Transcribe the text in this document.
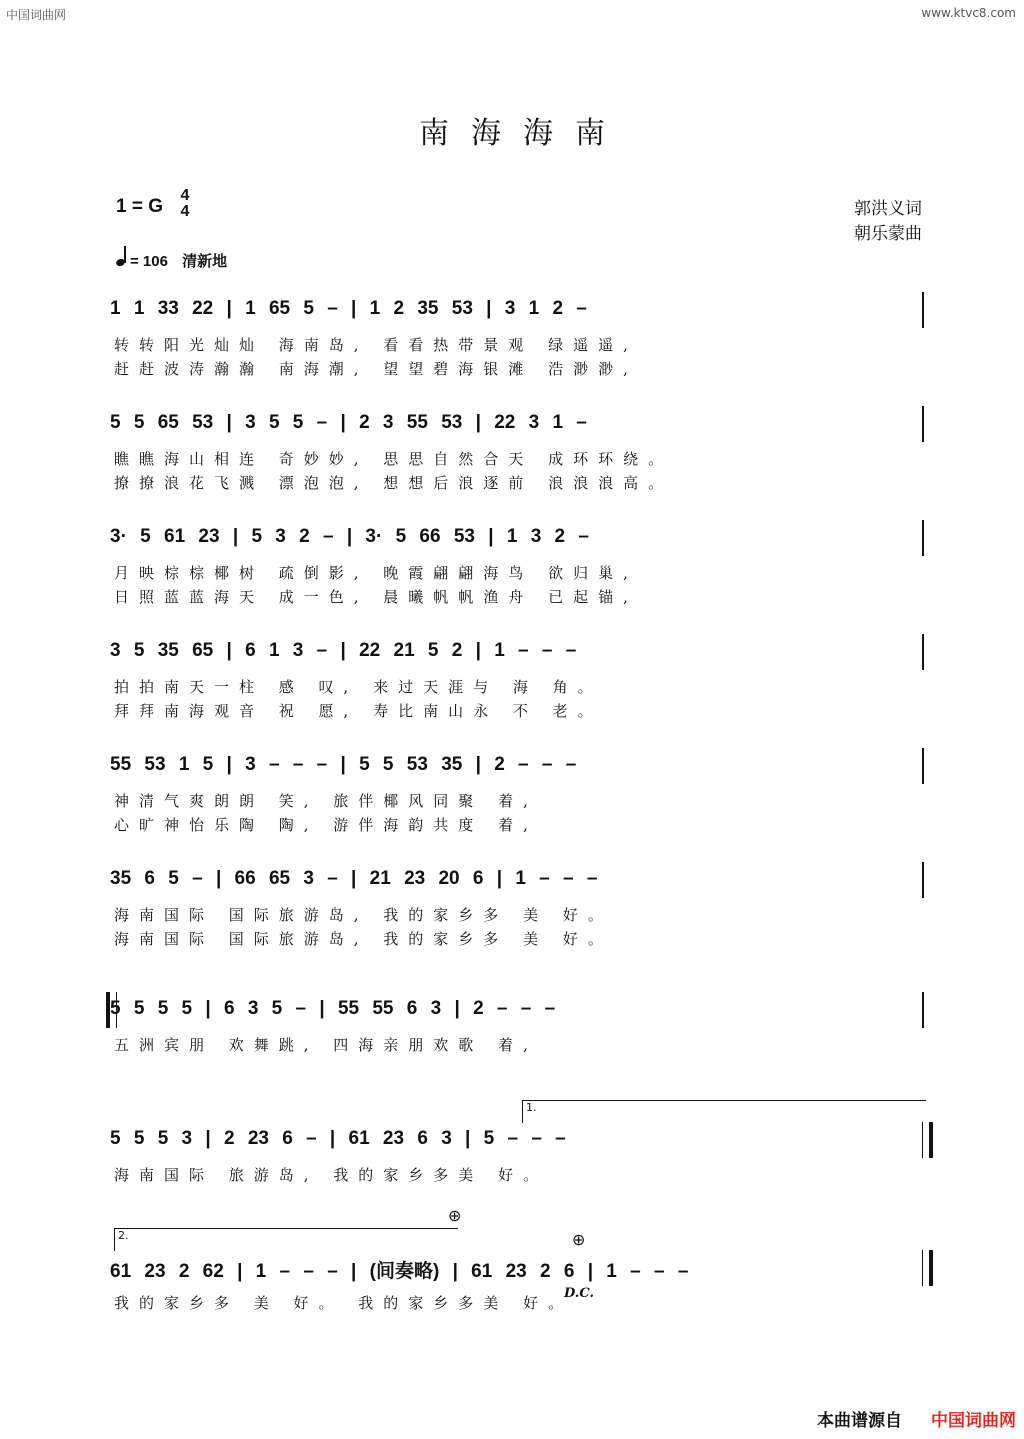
中国词曲网	www.ktvc8.com
南海海南
1 = G
4
4	郭洪义词
朝乐蒙曲
= 106 清新地
1 1 33 22 | 1 65 5 – | 1 2 35 53 | 3 1 2 –
转转阳光灿灿 海南岛, 看看热带景观 绿遥遥,
赶赶波涛瀚瀚 南海潮, 望望碧海银滩 浩渺渺,
5 5 65 53 | 3 5 5 – | 2 3 55 53 | 22 3 1 –
瞧瞧海山相连 奇妙妙, 思思自然合天 成环环绕。
撩撩浪花飞溅 漂泡泡, 想想后浪逐前 浪浪浪高。
3· 5 61 23 | 5 3 2 – | 3· 5 66 53 | 1 3 2 –
月映棕棕椰树 疏倒影, 晚霞翩翩海鸟 欲归巢,
日照蓝蓝海天 成一色, 晨曦帆帆渔舟 已起锚,
3 5 35 65 | 6 1 3 – | 22 21 5 2 | 1 – – –
拍拍南天一柱 感 叹, 来过天涯与 海 角。
拜拜南海观音 祝 愿, 寿比南山永 不 老。
55 53 1 5 | 3 – – – | 5 5 53 35 | 2 – – –
神清气爽朗朗 笑, 旅伴椰风同聚 着,
心旷神怡乐陶 陶, 游伴海韵共度 着,
35 6 5 – | 66 65 3 – | 21 23 20 6 | 1 – – –
海南国际 国际旅游岛, 我的家乡多 美 好。
海南国际 国际旅游岛, 我的家乡多 美 好。
5 5 5 5 | 6 3 5 – | 55 55 6 3 | 2 – – –
五洲宾朋 欢舞跳, 四海亲朋欢歌 着,
5 5 5 3 | 2 23 6 – | 61 23 6 3 | 5 – – –
海南国际 旅游岛, 我的家乡多美 好。
61 23 2 62 | 1 – – – | (间奏略) | 61 23 2 6 | 1 – – –
我的家乡多 美 好。 我的家乡多美 好。
1.
2.
⊕
⊕
D.C.
本曲谱源自 中国词曲网
